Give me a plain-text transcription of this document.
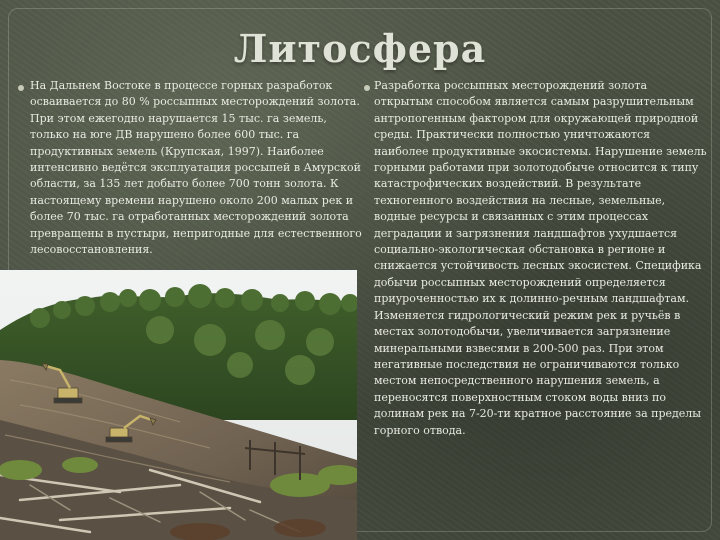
Литосфера

На Дальнем Востоке в процессе горных разработок осваивается до 80 % россыпных месторождений золота. При этом ежегодно нарушается 15 тыс. га земель, только на юге ДВ нарушено более 600 тыс. га продуктивных земель (Крупская, 1997). Наиболее интенсивно ведётся эксплуатация россыпей в Амурской области, за 135 лет добыто более 700 тонн золота. К настоящему времени нарушено около 200 малых рек и более 70 тыс. га отработанных месторождений золота превращены в пустыри, непригодные для естественного лесовосстановления.

Разработка россыпных месторождений золота открытым способом является самым разрушительным антропогенным фактором для окружающей природной среды. Практически полностью уничтожаются наиболее продуктивные экосистемы. Нарушение земель горными работами при золотодобыче относится к типу катастрофических воздействий. В результате техногенного воздействия на лесные, земельные, водные ресурсы и связанных с этим процессах деградации и загрязнения ландшафтов ухудшается социально-экологическая обстановка в регионе и снижается устойчивость лесных экосистем. Специфика добычи россыпных месторождений определяется приуроченностью их к долинно-речным ландшафтам. Изменяется гидрологический режим рек и ручьёв в местах золотодобычи, увеличивается загрязнение минеральными взвесями в 200-500 раз. При этом негативные последствия не ограничиваются только местом непосредственного нарушения земель, а переносятся поверхностным стоком воды вниз по долинам рек на 7-20-ти кратное расстояние за пределы горного отвода.
